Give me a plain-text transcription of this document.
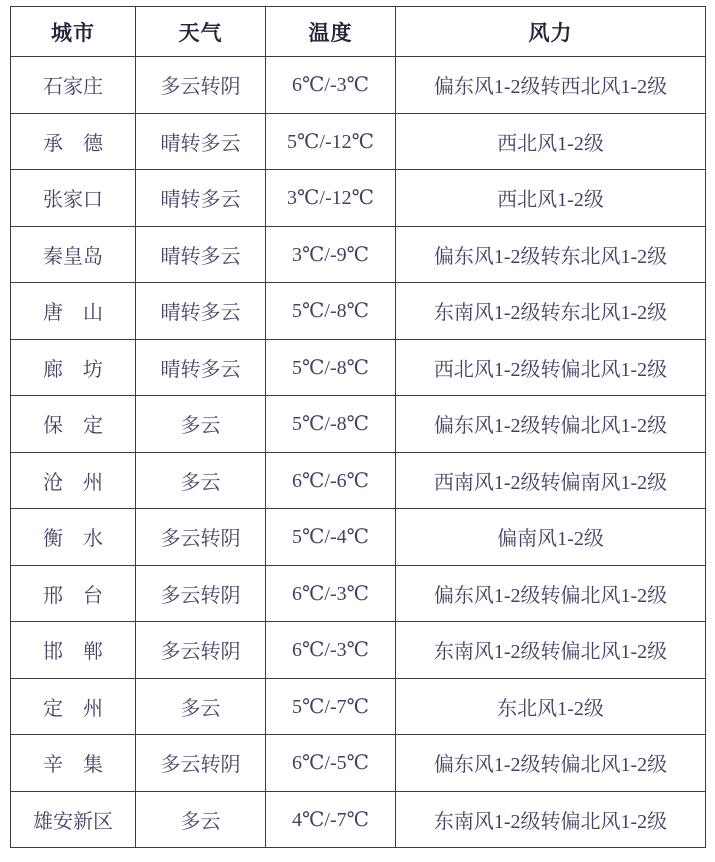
城市	天气	温度	风力
石家庄	多云转阴	6℃/-3℃	偏东风1-2级转西北风1-2级
承　德	晴转多云	5℃/-12℃	西北风1-2级
张家口	晴转多云	3℃/-12℃	西北风1-2级
秦皇岛	晴转多云	3℃/-9℃	偏东风1-2级转东北风1-2级
唐　山	晴转多云	5℃/-8℃	东南风1-2级转东北风1-2级
廊　坊	晴转多云	5℃/-8℃	西北风1-2级转偏北风1-2级
保　定	多云	5℃/-8℃	偏东风1-2级转偏北风1-2级
沧　州	多云	6℃/-6℃	西南风1-2级转偏南风1-2级
衡　水	多云转阴	5℃/-4℃	偏南风1-2级
邢　台	多云转阴	6℃/-3℃	偏东风1-2级转偏北风1-2级
邯　郸	多云转阴	6℃/-3℃	东南风1-2级转偏北风1-2级
定　州	多云	5℃/-7℃	东北风1-2级
辛　集	多云转阴	6℃/-5℃	偏东风1-2级转偏北风1-2级
雄安新区	多云	4℃/-7℃	东南风1-2级转偏北风1-2级
